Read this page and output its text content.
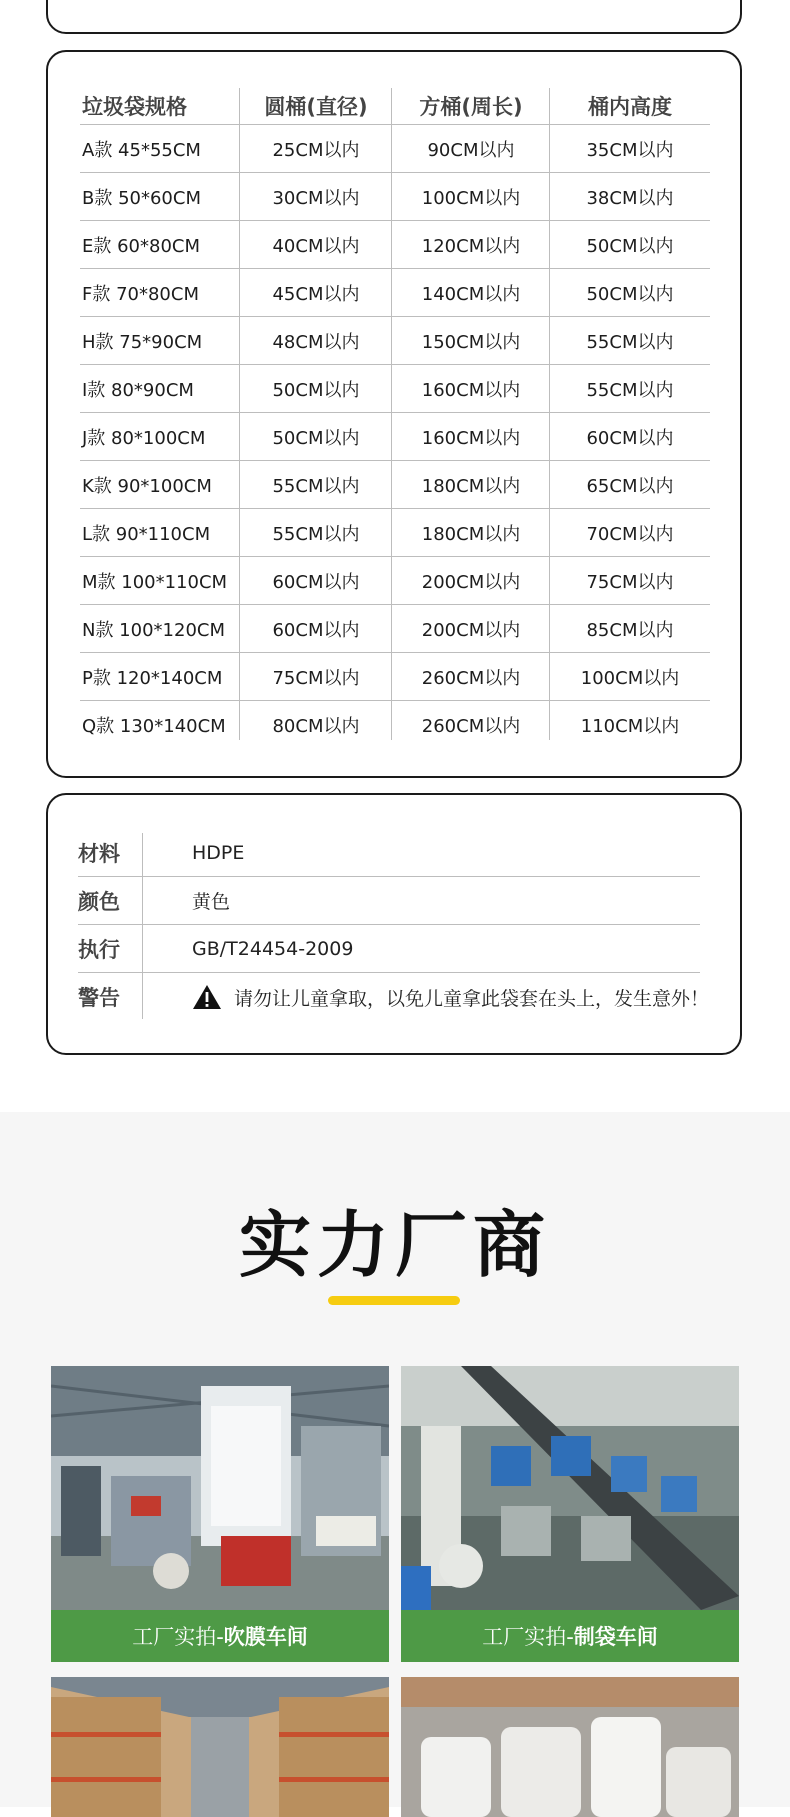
垃圾袋规格	圆桶(直径)	方桶(周长)	桶内高度
A款 45*55CM	25CM以内	90CM以内	35CM以内
B款 50*60CM	30CM以内	100CM以内	38CM以内
E款 60*80CM	40CM以内	120CM以内	50CM以内
F款 70*80CM	45CM以内	140CM以内	50CM以内
H款 75*90CM	48CM以内	150CM以内	55CM以内
I款 80*90CM	50CM以内	160CM以内	55CM以内
J款 80*100CM	50CM以内	160CM以内	60CM以内
K款 90*100CM	55CM以内	180CM以内	65CM以内
L款 90*110CM	55CM以内	180CM以内	70CM以内
M款 100*110CM	60CM以内	200CM以内	75CM以内
N款 100*120CM	60CM以内	200CM以内	85CM以内
P款 120*140CM	75CM以内	260CM以内	100CM以内
Q款 130*140CM	80CM以内	260CM以内	110CM以内
材料	HDPE
颜色	黄色
执行	GB/T24454-2009
警告	请勿让儿童拿取，以免儿童拿此袋套在头上，发生意外！
实力厂商
工厂实拍- 吹膜车间	工厂实拍- 制袋车间
